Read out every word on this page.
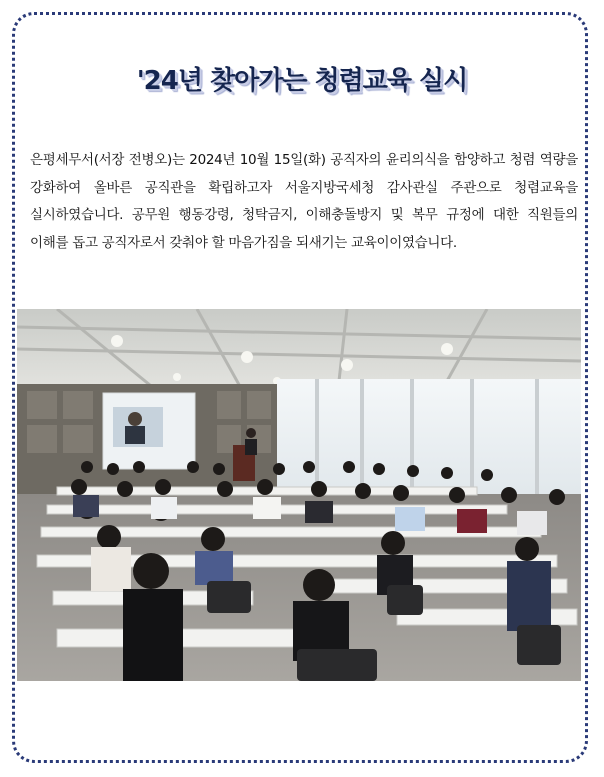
'24년 찾아가는 청렴교육 실시
은평세무서(서장 전병오)는 2024년 10월 15일(화) 공직자의 윤리의식을 함양하고 청렴 역량을 강화하여 올바른 공직관을 확립하고자 서울지방국세청 감사관실 주관으로 청렴교육을 실시하였습니다. 공무원 행동강령, 청탁금지, 이해충돌방지 및 복무 규정에 대한 직원들의 이해를 돕고 공직자로서 갖춰야 할 마음가짐을 되새기는 교육이이였습니다.
